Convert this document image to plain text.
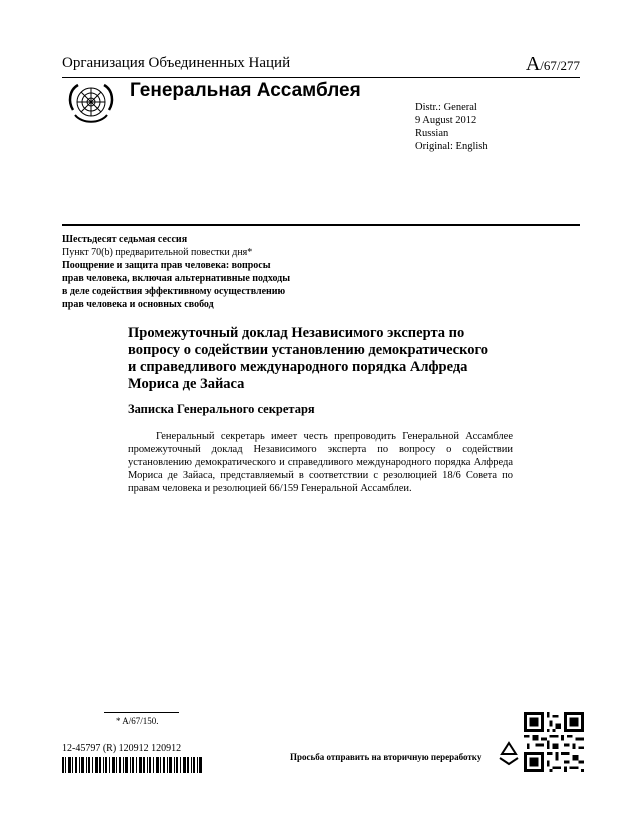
Организация Объединенных Наций	A/67/277
Генеральная Ассамблея
Distr.: General
9 August 2012
Russian
Original: English
Шестьдесят седьмая сессия
Пункт 70(b) предварительной повестки дня*
Поощрение и защита прав человека: вопросы
прав человека, включая альтернативные подходы
в деле содействия эффективному осуществлению
прав человека и основных свобод
Промежуточный доклад Независимого эксперта по
вопросу о содействии установлению демократического
и справедливого международного порядка Алфреда
Мориса де Зайаса
Записка Генерального секретаря
Генеральный секретарь имеет честь препроводить Генеральной Ассамблее промежуточный доклад Независимого эксперта по вопросу о содействии установлению демократического и справедливого международного порядка Алфреда Мориса де Зайаса, представляемый в соответствии с резолюцией 18/6 Совета по правам человека и резолюцией 66/159 Генеральной Ассамблеи.
* A/67/150.
12-45797 (R) 120912 120912
Просьба отправить на вторичную переработку
